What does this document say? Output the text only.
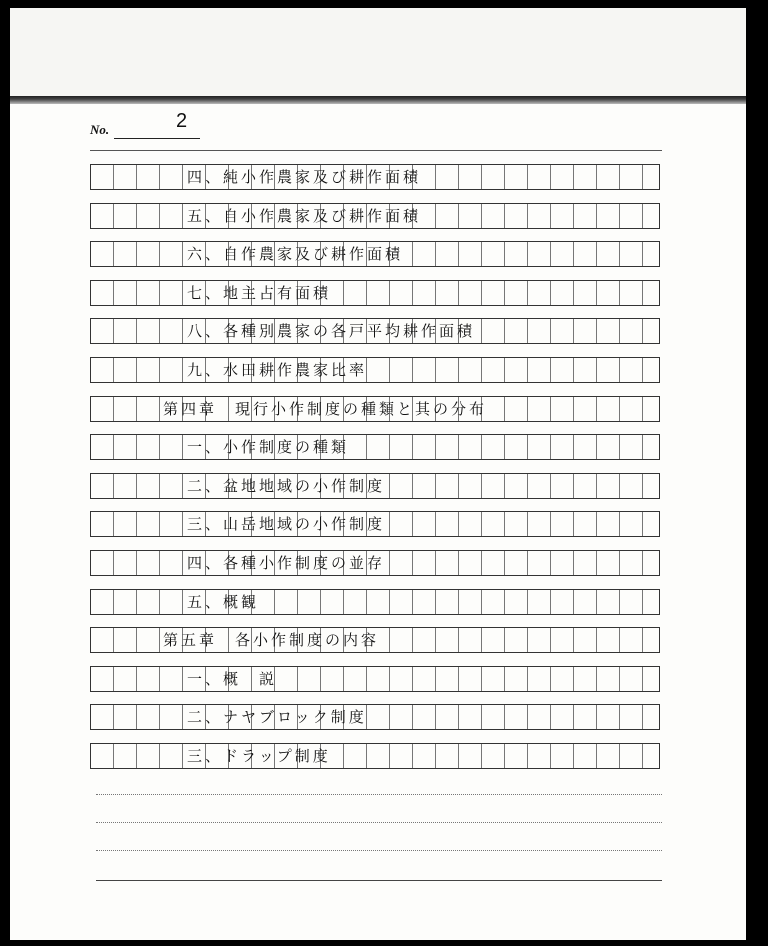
No.	2
四、純小作農家及び耕作面積
五、自小作農家及び耕作面積
六、自作農家及び耕作面積
七、地主占有面積
八、各種別農家の各戸平均耕作面積
九、水田耕作農家比率
第四章　現行小作制度の種類と其の分布
一、小作制度の種類
二、盆地地域の小作制度
三、山岳地域の小作制度
四、各種小作制度の並存
五、概観
第五章　各小作制度の内容
一、概　説
二、ナヤブロック制度
三、ドラップ制度
